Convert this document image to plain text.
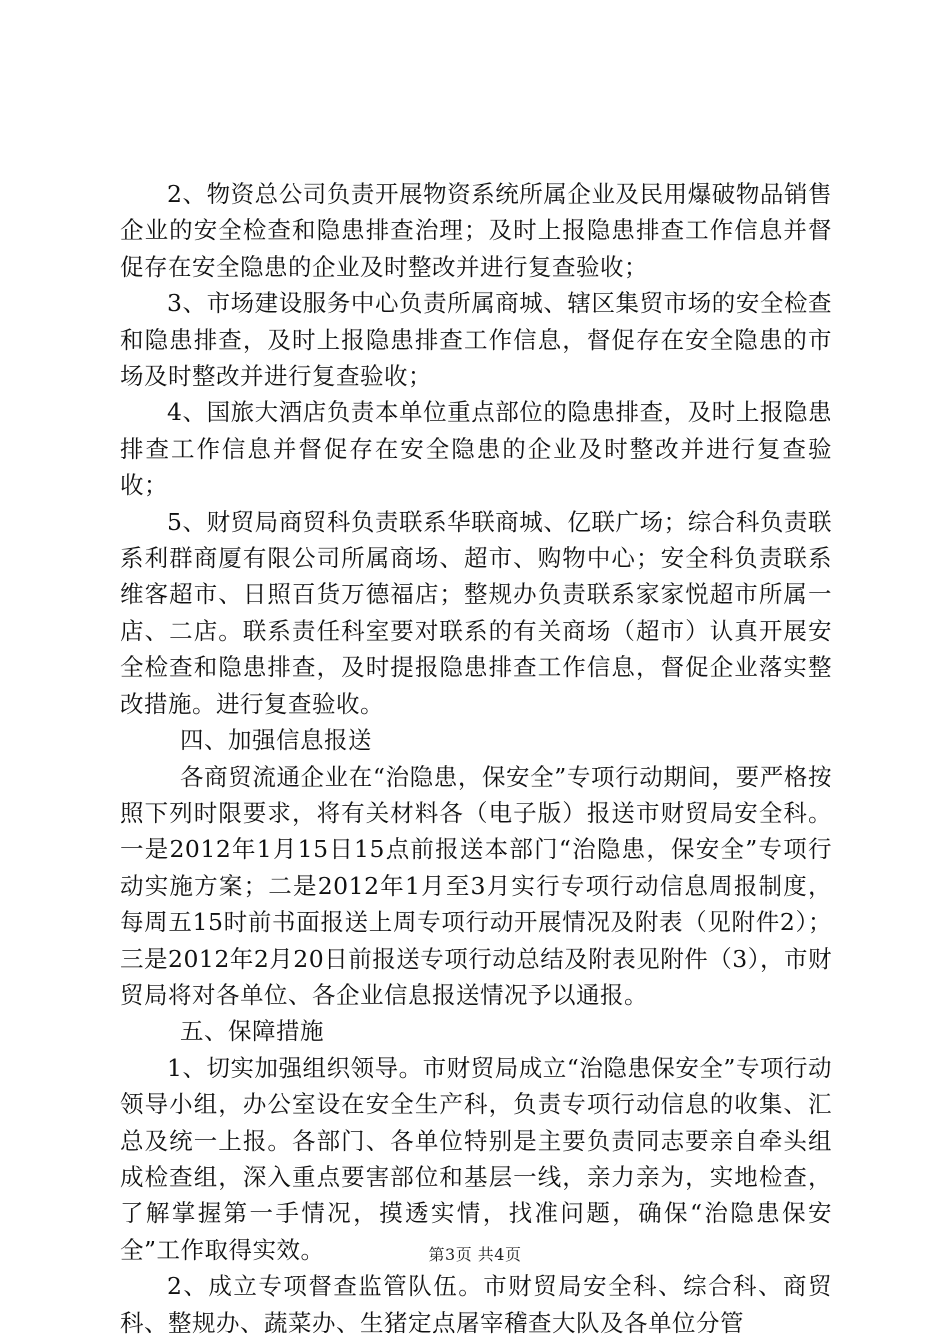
2、物资总公司负责开展物资系统所属企业及民用爆破物品销售企业的安全检查和隐患排查治理；及时上报隐患排查工作信息并督促存在安全隐患的企业及时整改并进行复查验收；

3、市场建设服务中心负责所属商城、辖区集贸市场的安全检查和隐患排查，及时上报隐患排查工作信息，督促存在安全隐患的市场及时整改并进行复查验收；

4、国旅大酒店负责本单位重点部位的隐患排查，及时上报隐患排查工作信息并督促存在安全隐患的企业及时整改并进行复查验收；

5、财贸局商贸科负责联系华联商城、亿联广场；综合科负责联系利群商厦有限公司所属商场、超市、购物中心；安全科负责联系维客超市、日照百货万德福店；整规办负责联系家家悦超市所属一店、二店。联系责任科室要对联系的有关商场（超市）认真开展安全检查和隐患排查，及时提报隐患排查工作信息，督促企业落实整改措施。进行复查验收。

四、加强信息报送

各商贸流通企业在“治隐患，保安全”专项行动期间，要严格按照下列时限要求，将有关材料各（电子版）报送市财贸局安全科。一是2012年1月15日15点前报送本部门“治隐患，保安全”专项行动实施方案；二是2012年1月至3月实行专项行动信息周报制度，每周五15时前书面报送上周专项行动开展情况及附表（见附件2）；三是2012年2月20日前报送专项行动总结及附表见附件（3），市财贸局将对各单位、各企业信息报送情况予以通报。

五、保障措施

1、切实加强组织领导。市财贸局成立“治隐患保安全”专项行动领导小组，办公室设在安全生产科，负责专项行动信息的收集、汇总及统一上报。各部门、各单位特别是主要负责同志要亲自牵头组成检查组，深入重点要害部位和基层一线，亲力亲为，实地检查，了解掌握第一手情况，摸透实情，找准问题，确保“治隐患保安全”工作取得实效。

2、成立专项督查监管队伍。市财贸局安全科、综合科、商贸科、整规办、蔬菜办、生猪定点屠宰稽查大队及各单位分管

第3页 共4页
